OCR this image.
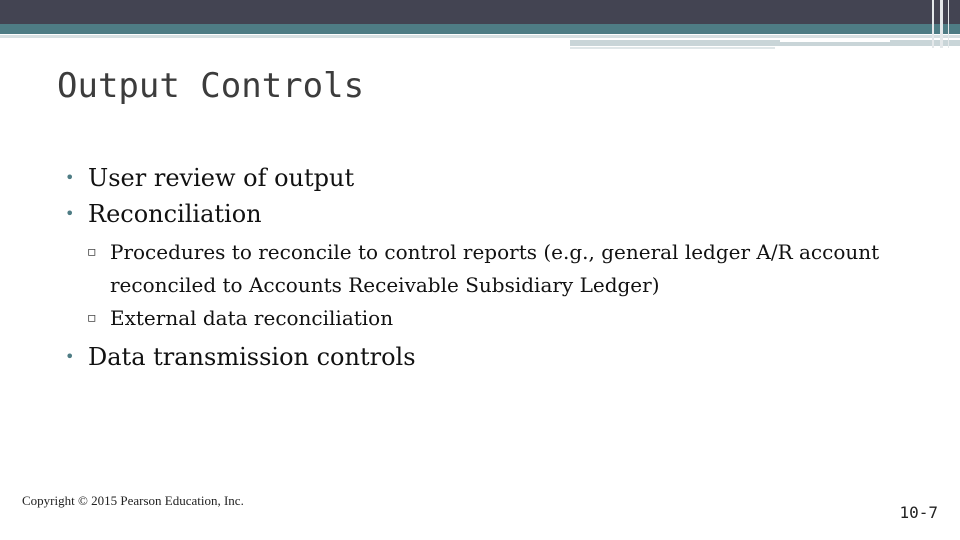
Output Controls
• User review of output
• Reconciliation
▫ Procedures to reconcile to control reports (e.g., general ledger A/R account reconciled to Accounts Receivable Subsidiary Ledger)
▫ External data reconciliation
• Data transmission controls
Copyright © 2015 Pearson Education, Inc.
10-7
